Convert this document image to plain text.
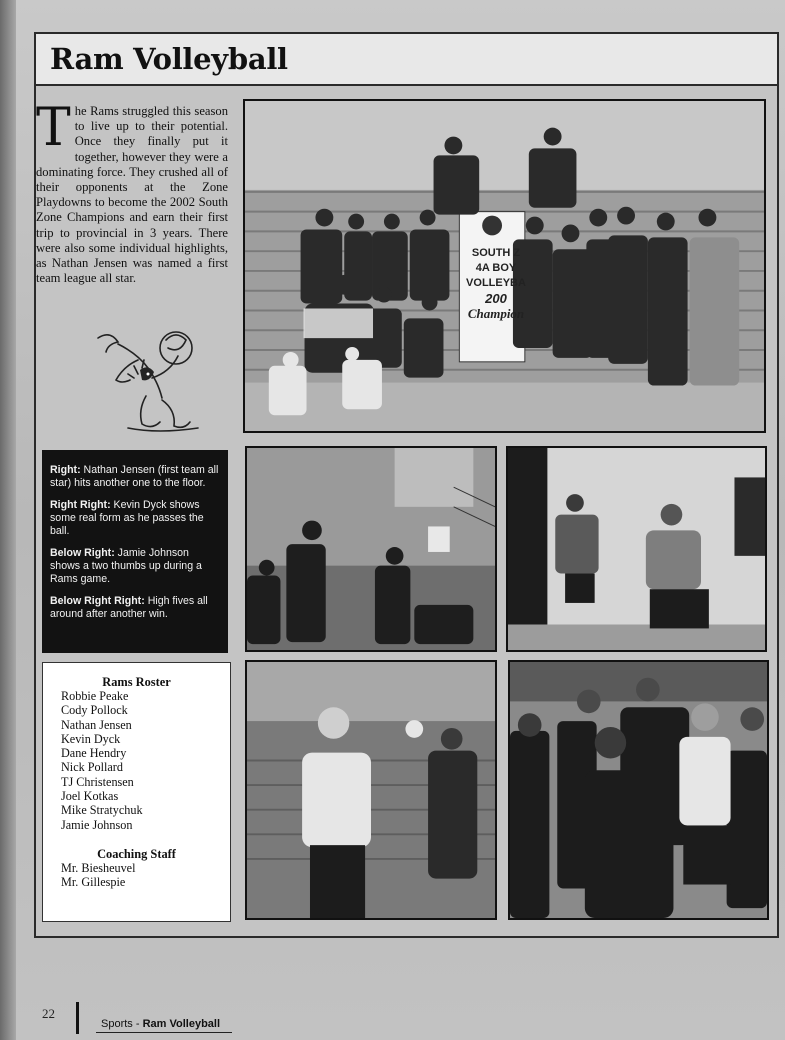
Ram Volleyball
The Rams struggled this season to live up to their potential. Once they finally put it together, however they were a dominating force. They crushed all of their opponents at the Zone Playdowns to become the 2002 South Zone Champions and earn their first trip to provincial in 3 years. There were also some individual highlights, as Nathan Jensen was named a first team league all star.
SOUTH Z
4A BOY
VOLLEYBA
200
Champion

Right: Nathan Jensen (first team all star) hits another one to the floor.

Right Right: Kevin Dyck shows some real form as he passes the ball.

Below Right: Jamie Johnson shows a two thumbs up during a Rams game.

Below Right Right: High fives all around after another win.

Rams Roster
Robbie Peake
Cody Pollock
Nathan Jensen
Kevin Dyck
Dane Hendry
Nick Pollard
TJ Christensen
Joel Kotkas
Mike Stratychuk
Jamie Johnson
Coaching Staff
Mr. Biesheuvel
Mr. Gillespie
22
Sports - Ram Volleyball
